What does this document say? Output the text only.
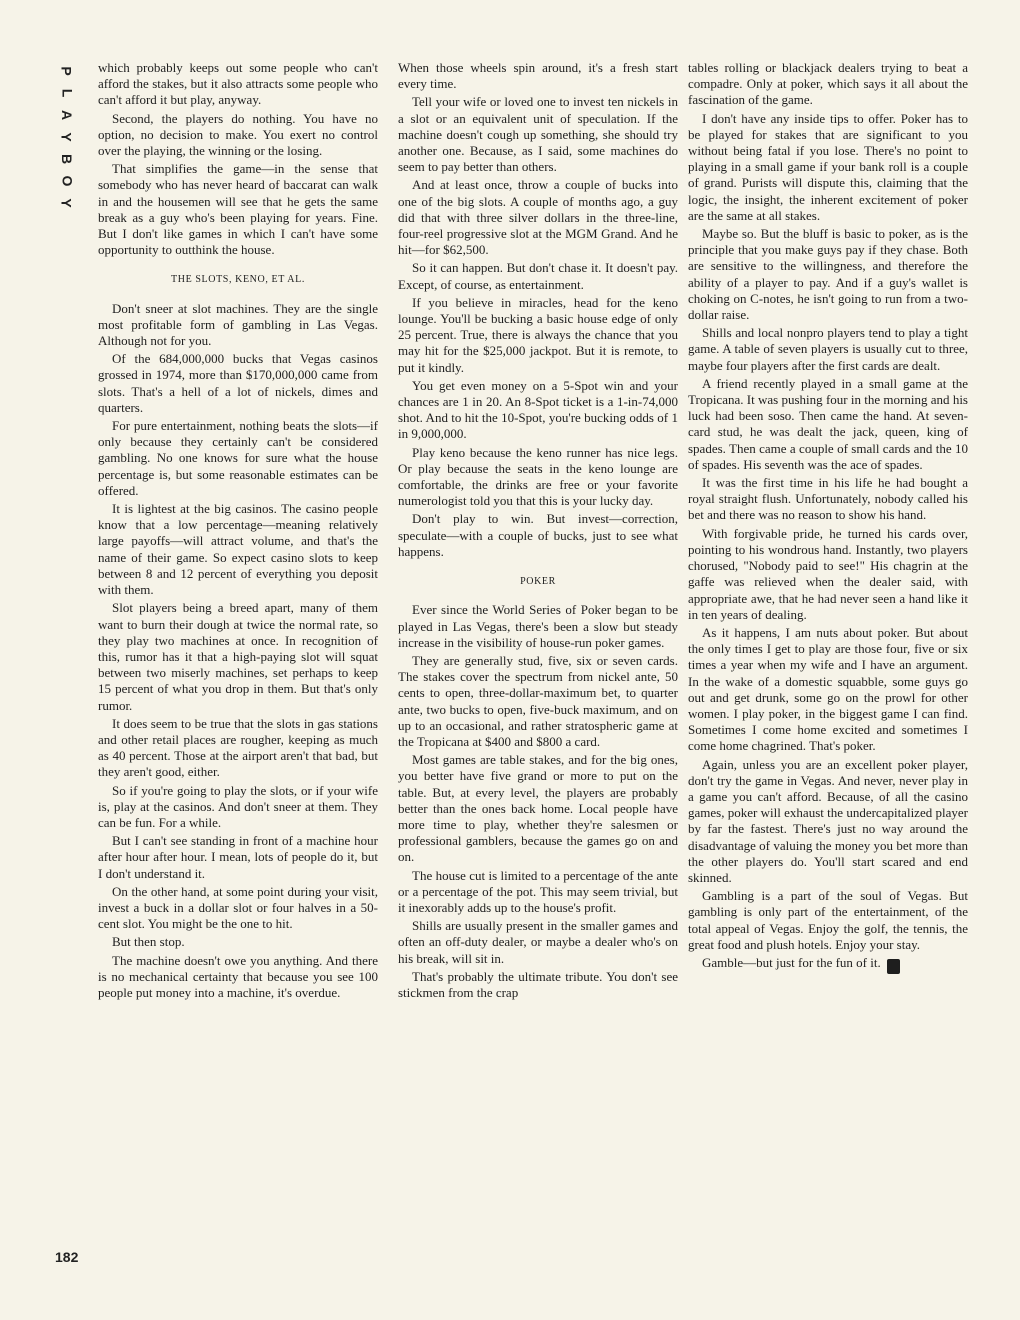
P
L
A
Y
B
O
Y
182

which probably keeps out some people who can't afford the stakes, but it also attracts some people who can't afford it but play, anyway.

Second, the players do nothing. You have no option, no decision to make. You exert no control over the playing, the winning or the losing.

That simplifies the game—in the sense that somebody who has never heard of baccarat can walk in and the housemen will see that he gets the same break as a guy who's been playing for years. Fine. But I don't like games in which I can't have some opportunity to outthink the house.

THE SLOTS, KENO, ET AL.

Don't sneer at slot machines. They are the single most profitable form of gambling in Las Vegas. Although not for you.

Of the 684,000,000 bucks that Vegas casinos grossed in 1974, more than $170,000,000 came from slots. That's a hell of a lot of nickels, dimes and quarters.

For pure entertainment, nothing beats the slots—if only because they certainly can't be considered gambling. No one knows for sure what the house percentage is, but some reasonable estimates can be offered.

It is lightest at the big casinos. The casino people know that a low percentage—meaning relatively large payoffs—will attract volume, and that's the name of their game. So expect casino slots to keep between 8 and 12 percent of everything you deposit with them.

Slot players being a breed apart, many of them want to burn their dough at twice the normal rate, so they play two machines at once. In recognition of this, rumor has it that a high-paying slot will squat between two miserly machines, set perhaps to keep 15 percent of what you drop in them. But that's only rumor.

It does seem to be true that the slots in gas stations and other retail places are rougher, keeping as much as 40 percent. Those at the airport aren't that bad, but they aren't good, either.

So if you're going to play the slots, or if your wife is, play at the casinos. And don't sneer at them. They can be fun. For a while.

But I can't see standing in front of a machine hour after hour after hour. I mean, lots of people do it, but I don't understand it.

On the other hand, at some point during your visit, invest a buck in a dollar slot or four halves in a 50-cent slot. You might be the one to hit.

But then stop.

The machine doesn't owe you anything. And there is no mechanical certainty that because you see 100 people put money into a machine, it's overdue.

When those wheels spin around, it's a fresh start every time.

Tell your wife or loved one to invest ten nickels in a slot or an equivalent unit of speculation. If the machine doesn't cough up something, she should try another one. Because, as I said, some machines do seem to pay better than others.

And at least once, throw a couple of bucks into one of the big slots. A couple of months ago, a guy did that with three silver dollars in the three-line, four-reel progressive slot at the MGM Grand. And he hit—for $62,500.

So it can happen. But don't chase it. It doesn't pay. Except, of course, as entertainment.

If you believe in miracles, head for the keno lounge. You'll be bucking a basic house edge of only 25 percent. True, there is always the chance that you may hit for the $25,000 jackpot. But it is remote, to put it kindly.

You get even money on a 5-Spot win and your chances are 1 in 20. An 8-Spot ticket is a 1-in-74,000 shot. And to hit the 10-Spot, you're bucking odds of 1 in 9,000,000.

Play keno because the keno runner has nice legs. Or play because the seats in the keno lounge are comfortable, the drinks are free or your favorite numerologist told you that this is your lucky day.

Don't play to win. But invest—correction, speculate—with a couple of bucks, just to see what happens.

POKER

Ever since the World Series of Poker began to be played in Las Vegas, there's been a slow but steady increase in the visibility of house-run poker games.

They are generally stud, five, six or seven cards. The stakes cover the spectrum from nickel ante, 50 cents to open, three-dollar-maximum bet, to quarter ante, two bucks to open, five-buck maximum, and on up to an occasional, and rather stratospheric game at the Tropicana at $400 and $800 a card.

Most games are table stakes, and for the big ones, you better have five grand or more to put on the table. But, at every level, the players are probably better than the ones back home. Local people have more time to play, whether they're salesmen or professional gamblers, because the games go on and on.

The house cut is limited to a percentage of the ante or a percentage of the pot. This may seem trivial, but it inexorably adds up to the house's profit.

Shills are usually present in the smaller games and often an off-duty dealer, or maybe a dealer who's on his break, will sit in.

That's probably the ultimate tribute. You don't see stickmen from the crap

tables rolling or blackjack dealers trying to beat a compadre. Only at poker, which says it all about the fascination of the game.

I don't have any inside tips to offer. Poker has to be played for stakes that are significant to you without being fatal if you lose. There's no point to playing in a small game if your bank roll is a couple of grand. Purists will dispute this, claiming that the logic, the insight, the inherent excitement of poker are the same at all stakes.

Maybe so. But the bluff is basic to poker, as is the principle that you make guys pay if they chase. Both are sensitive to the willingness, and therefore the ability of a player to pay. And if a guy's wallet is choking on C-notes, he isn't going to run from a two-dollar raise.

Shills and local nonpro players tend to play a tight game. A table of seven players is usually cut to three, maybe four players after the first cards are dealt.

A friend recently played in a small game at the Tropicana. It was pushing four in the morning and his luck had been soso. Then came the hand. At seven-card stud, he was dealt the jack, queen, king of spades. Then came a couple of small cards and the 10 of spades. His seventh was the ace of spades.

It was the first time in his life he had bought a royal straight flush. Unfortunately, nobody called his bet and there was no reason to show his hand.

With forgivable pride, he turned his cards over, pointing to his wondrous hand. Instantly, two players chorused, "Nobody paid to see!" His chagrin at the gaffe was relieved when the dealer said, with appropriate awe, that he had never seen a hand like it in ten years of dealing.

As it happens, I am nuts about poker. But about the only times I get to play are those four, five or six times a year when my wife and I have an argument. In the wake of a domestic squabble, some guys go out and get drunk, some go on the prowl for other women. I play poker, in the biggest game I can find. Sometimes I come home excited and sometimes I come home chagrined. That's poker.

Again, unless you are an excellent poker player, don't try the game in Vegas. And never, never play in a game you can't afford. Because, of all the casino games, poker will exhaust the undercapitalized player by far the fastest. There's just no way around the disadvantage of valuing the money you bet more than the other players do. You'll start scared and end skinned.

Gambling is a part of the soul of Vegas. But gambling is only part of the entertainment, of the total appeal of Vegas. Enjoy the golf, the tennis, the great food and plush hotels. Enjoy your stay.

Gamble—but just for the fun of it. Y
